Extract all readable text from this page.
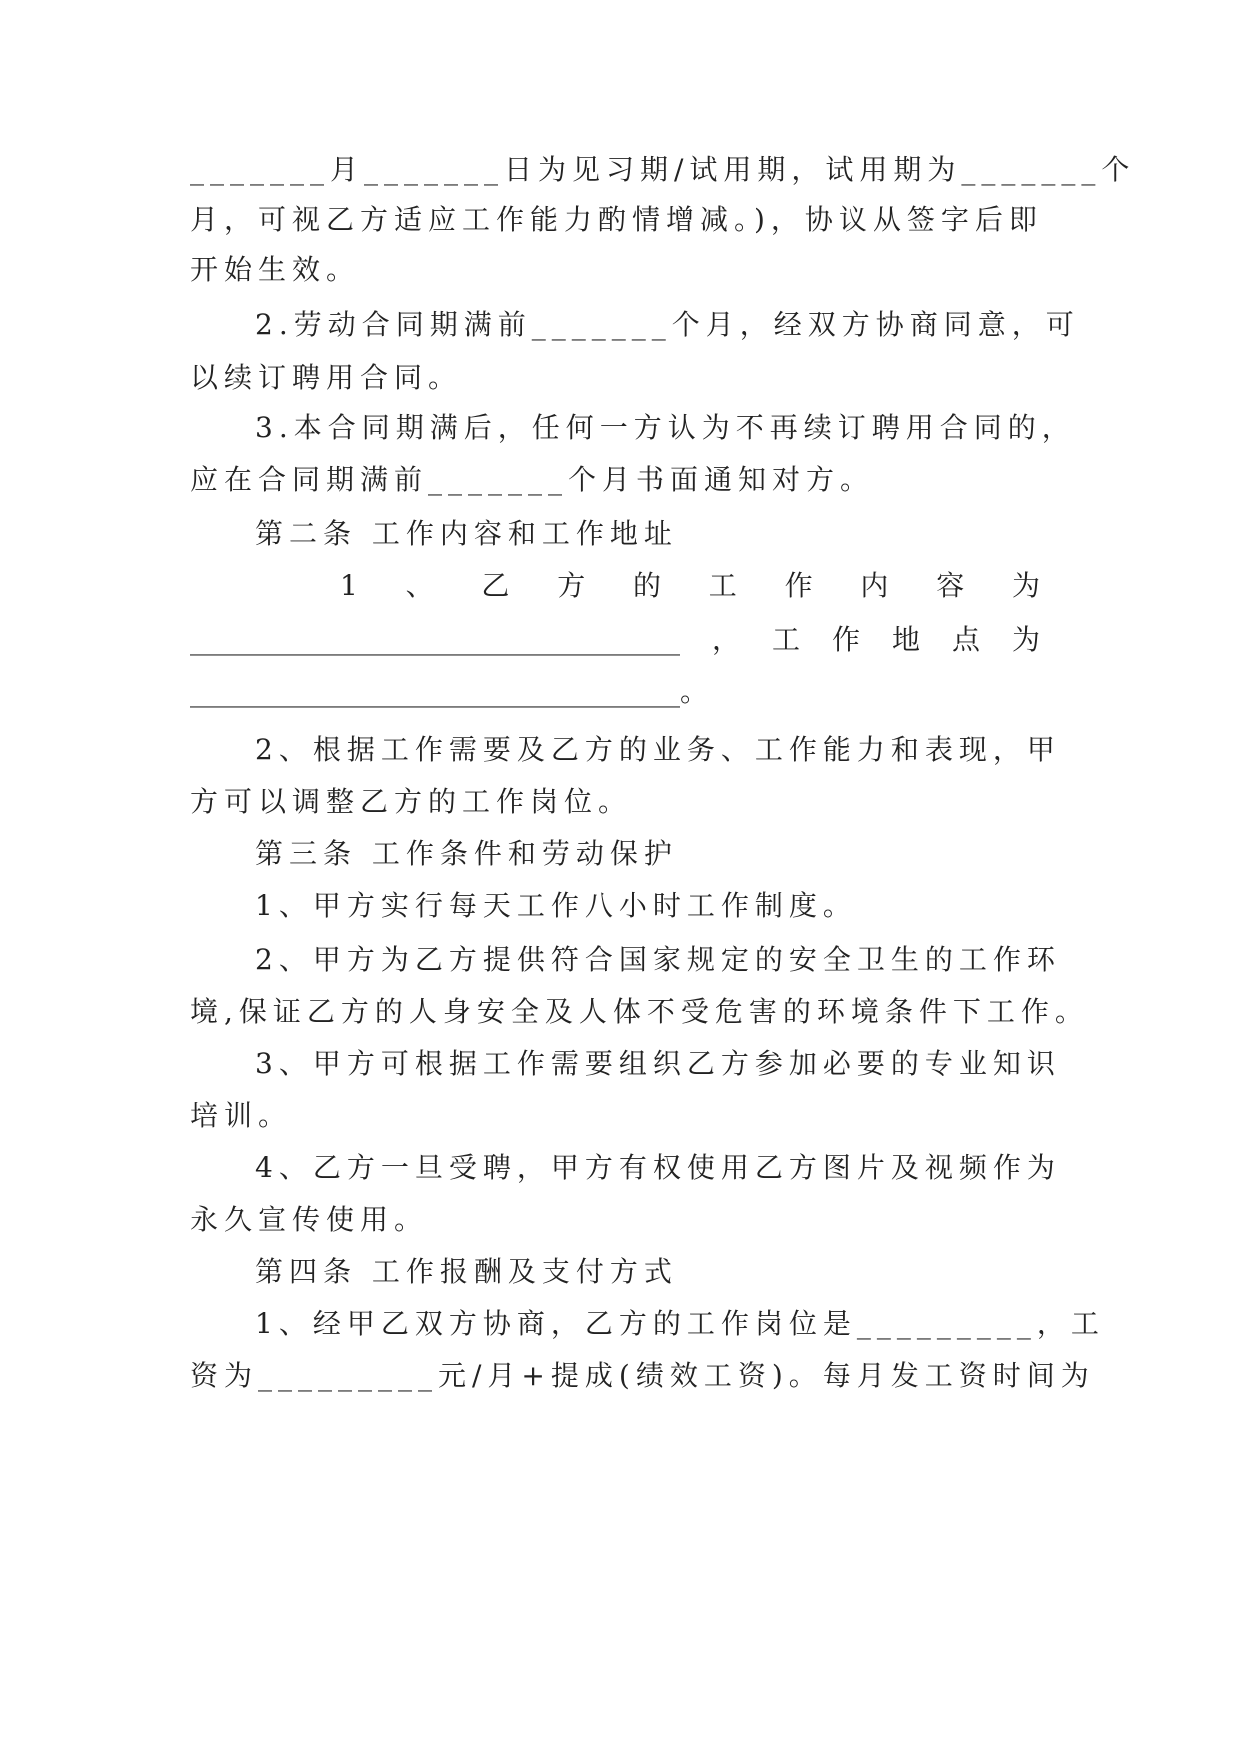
_______月_______日为见习期/试用期，试用期为_______个
月，可视乙方适应工作能力酌情增减。)，协议从签字后即
开始生效。
2.劳动合同期满前_______个月，经双方协商同意，可
以续订聘用合同。
3.本合同期满后，任何一方认为不再续订聘用合同的，
应在合同期满前_______个月书面通知对方。
第二条 工作内容和工作地址
1 、 乙 方 的 工 作 内 容 为
___________________________________ ， 工 作 地 点 为
___________________________________。
2、根据工作需要及乙方的业务、工作能力和表现，甲
方可以调整乙方的工作岗位。
第三条 工作条件和劳动保护
1、甲方实行每天工作八小时工作制度。
2、甲方为乙方提供符合国家规定的安全卫生的工作环
境,保证乙方的人身安全及人体不受危害的环境条件下工作。
3、甲方可根据工作需要组织乙方参加必要的专业知识
培训。
4、乙方一旦受聘，甲方有权使用乙方图片及视频作为
永久宣传使用。
第四条 工作报酬及支付方式
1、经甲乙双方协商，乙方的工作岗位是_________，工
资为_________元/月+提成(绩效工资)。每月发工资时间为
